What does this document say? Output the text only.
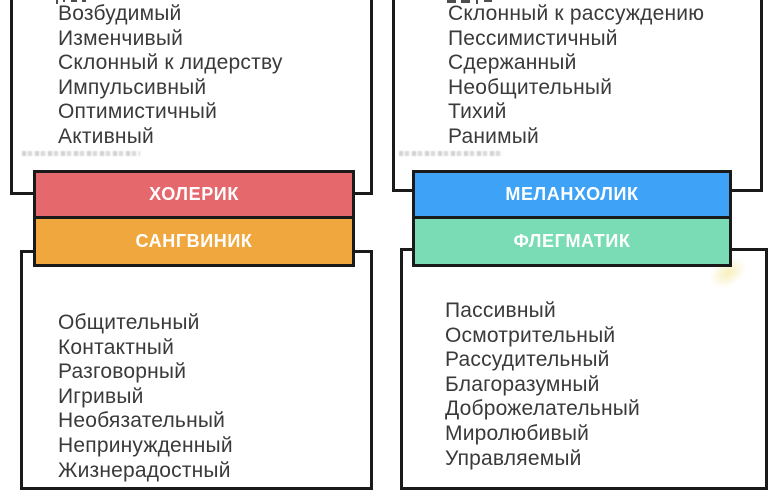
Возбудимый
Изменчивый
Склонный к лидерству
Импульсивный
Оптимистичный
Активный
Склонный к рассуждению
Пессимистичный
Сдержанный
Необщительный
Тихий
Ранимый
Общительный
Контактный
Разговорный
Игривый
Необязательный
Непринужденный
Жизнерадостный
Пассивный
Осмотрительный
Рассудительный
Благоразумный
Доброжелательный
Миролюбивый
Управляемый
ХОЛЕРИК
САНГВИНИК
МЕЛАНХОЛИК
ФЛЕГМАТИК
